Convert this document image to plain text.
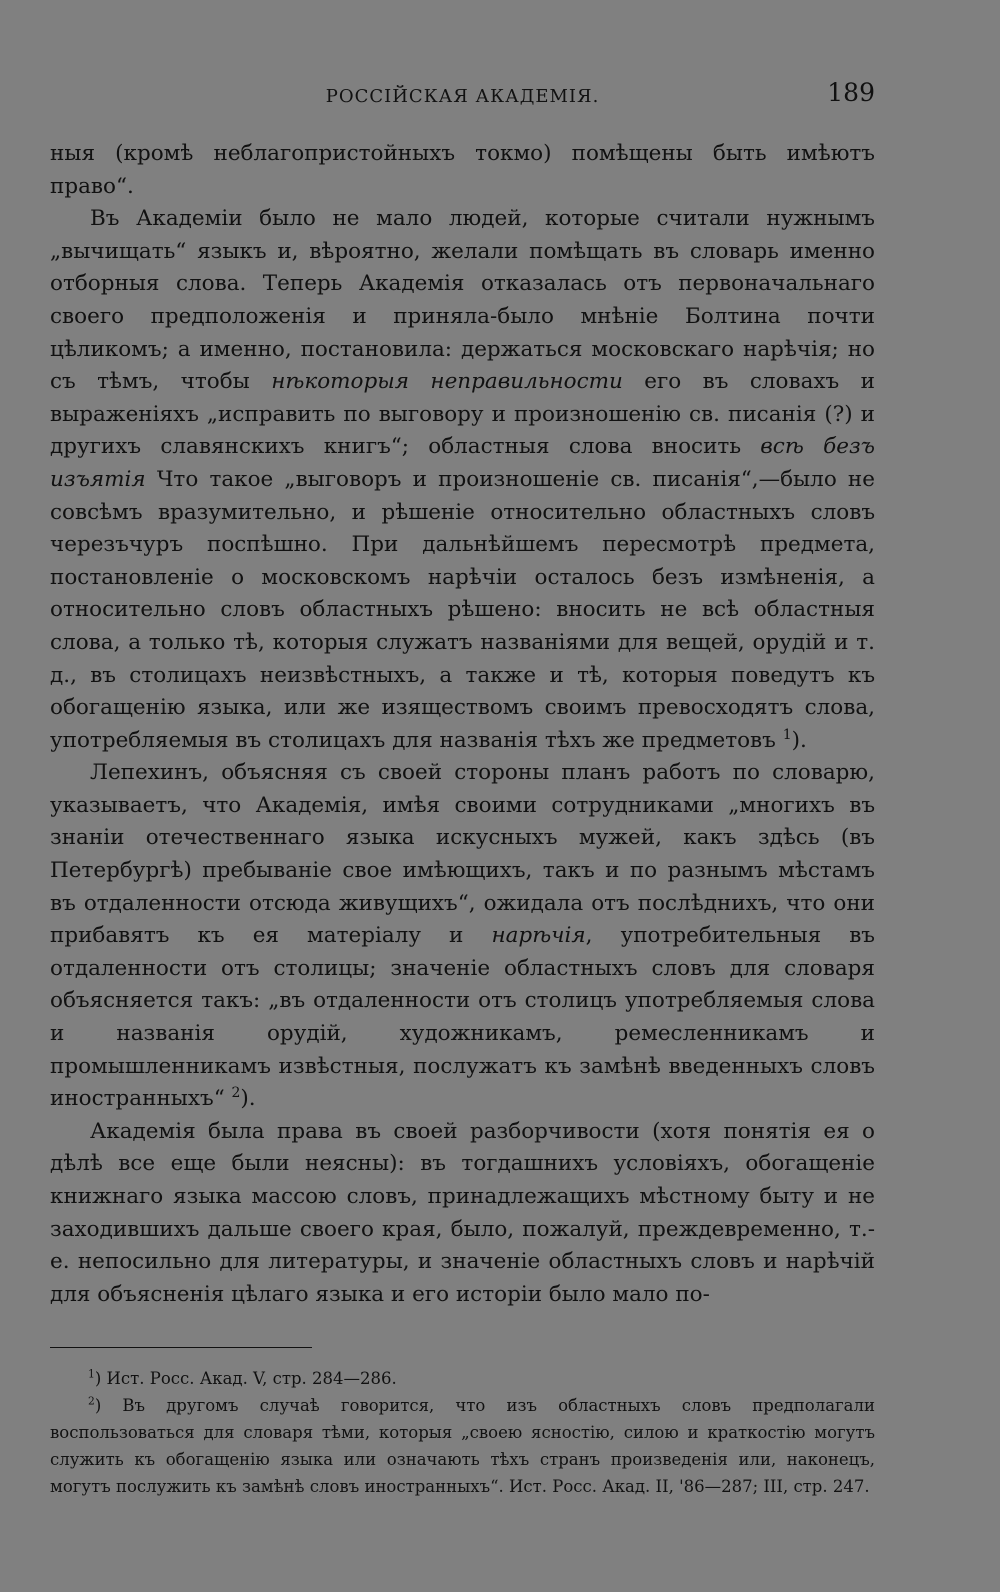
РОССІЙСКАЯ АКАДЕМІЯ.	189

ныя (кромѣ неблагопристойныхъ токмо) помѣщены быть имѣютъ право“.

Въ Академіи было не мало людей, которые считали нужнымъ „вычищать“ языкъ и, вѣроятно, желали помѣщать въ словарь именно отборныя слова. Теперь Академія отказалась отъ первоначальнаго своего предположенія и приняла-было мнѣніе Болтина почти цѣликомъ; а именно, постановила: держаться московскаго нарѣчія; но съ тѣмъ, чтобы нѣкоторыя неправильности его въ словахъ и выраженіяхъ „исправить по выговору и произношенію св. писанія (?) и другихъ славянскихъ книгъ“; областныя слова вносить всѣ безъ изъятія Что такое „выговоръ и произношеніе св. писанія“,—было не совсѣмъ вразумительно, и рѣшеніе относительно областныхъ словъ черезъчуръ поспѣшно. При дальнѣйшемъ пересмотрѣ предмета, постановленіе о московскомъ нарѣчіи осталось безъ измѣненія, а относительно словъ областныхъ рѣшено: вносить не всѣ областныя слова, а только тѣ, которыя служатъ названіями для вещей, орудій и т. д., въ столицахъ неизвѣстныхъ, а также и тѣ, которыя поведутъ къ обогащенію языка, или же изяществомъ своимъ превосходятъ слова, употребляемыя въ столицахъ для названія тѣхъ же предметовъ $^1$).

Лепехинъ, объясняя съ своей стороны планъ работъ по словарю, указываетъ, что Академія, имѣя своими сотрудниками „многихъ въ знаніи отечественнаго языка искусныхъ мужей, какъ здѣсь (въ Петербургѣ) пребываніе свое имѣющихъ, такъ и по разнымъ мѣстамъ въ отдаленности отсюда живущихъ“, ожидала отъ послѣднихъ, что они прибавятъ къ ея матеріалу и нарѣчія, употребительныя въ отдаленности отъ столицы; значеніе областныхъ словъ для словаря объясняется такъ: „въ отдаленности отъ столицъ употребляемыя слова и названія орудій, художникамъ, ремесленникамъ и промышленникамъ извѣстныя, послужатъ къ замѣнѣ введенныхъ словъ иностранныхъ“ $^2$).

Академія была права въ своей разборчивости (хотя понятія ея о дѣлѣ все еще были неясны): въ тогдашнихъ условіяхъ, обогащеніе книжнаго языка массою словъ, принадлежащихъ мѣстному быту и не заходившихъ дальше своего края, было, пожалуй, преждевременно, т.-е. непосильно для литературы, и значеніе областныхъ словъ и нарѣчій для объясненія цѣлаго языка и его исторіи было мало по-

$^1$) Ист. Росс. Акад. V, стр. 284—286.

$^2$) Въ другомъ случаѣ говорится, что изъ областныхъ словъ предполагали воспользоваться для словаря тѣми, которыя „своею ясностію, силою и краткостію могутъ служить къ обогащенію языка или означають тѣхъ странъ произведенія или, наконецъ, могутъ послужить къ замѣнѣ словъ иностранныхъ“. Ист. Росс. Акад. II, '86—287; III, стр. 247.
